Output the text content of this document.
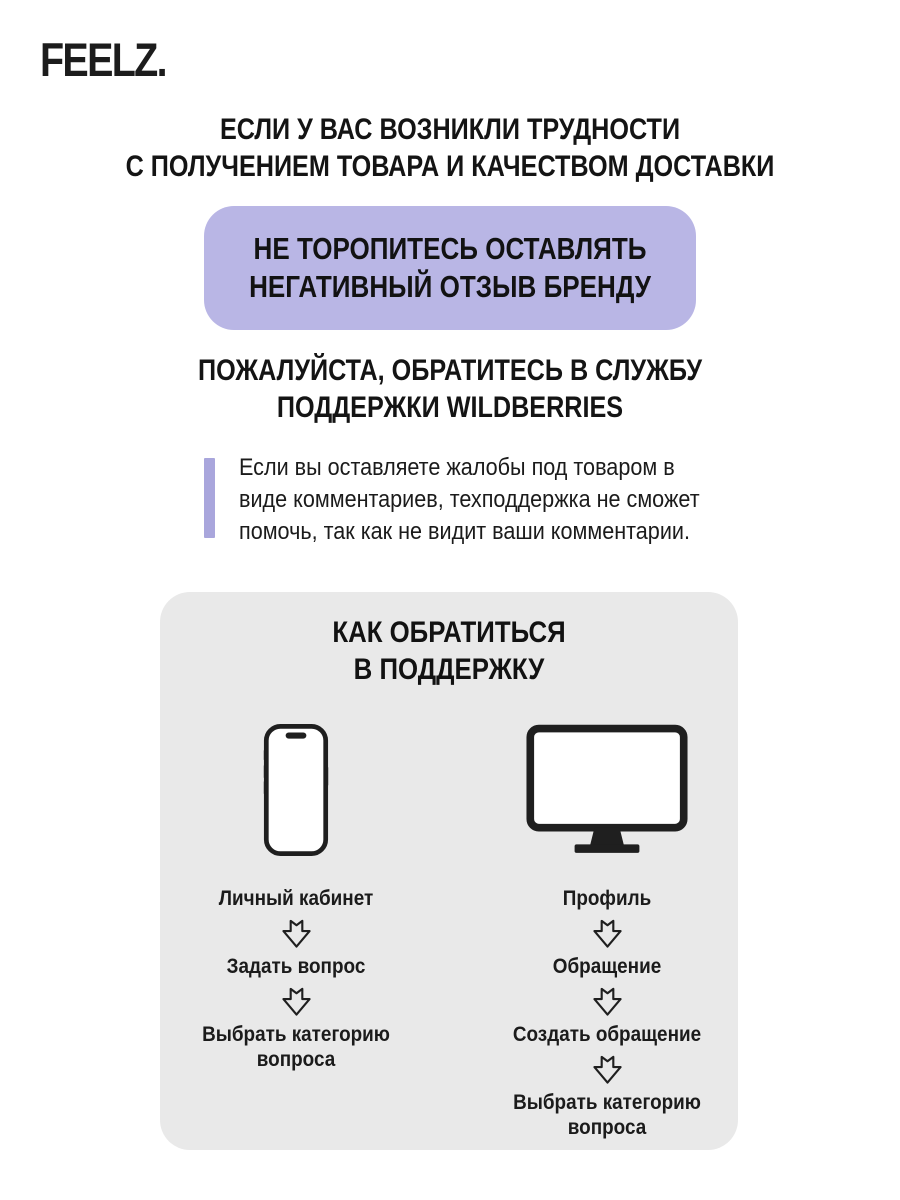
FEELZ.
ЕСЛИ У ВАС ВОЗНИКЛИ ТРУДНОСТИ
С ПОЛУЧЕНИЕМ ТОВАРА И КАЧЕСТВОМ ДОСТАВКИ
НЕ ТОРОПИТЕСЬ ОСТАВЛЯТЬ
НЕГАТИВНЫЙ ОТЗЫВ БРЕНДУ
ПОЖАЛУЙСТА, ОБРАТИТЕСЬ В СЛУЖБУ
ПОДДЕРЖКИ WILDBERRIES
Если вы оставляете жалобы под товаром в виде комментариев, техподдержка не сможет помочь, так как не видит ваши комментарии.
КАК ОБРАТИТЬСЯ
В ПОДДЕРЖКУ
Личный кабинет
Задать вопрос
Выбрать категорию вопроса
Профиль
Обращение
Создать обращение
Выбрать категорию вопроса
